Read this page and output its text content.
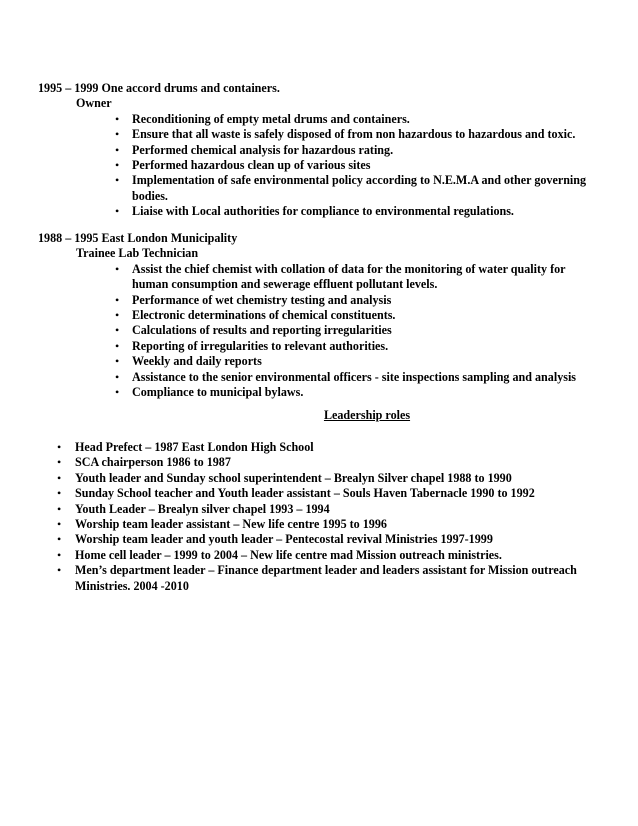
1995 – 1999 One accord drums and containers.
Owner
• Reconditioning of empty metal drums and containers.
• Ensure that all waste is safely disposed of from non hazardous to hazardous and toxic.
• Performed chemical analysis for hazardous rating.
• Performed hazardous clean up of various sites
• Implementation of safe environmental policy according to N.E.M.A and other governing bodies.
• Liaise with Local authorities for compliance to environmental regulations.
1988 – 1995 East London Municipality
Trainee Lab Technician
• Assist the chief chemist with collation of data for the monitoring of water quality for human consumption and sewerage effluent pollutant levels.
• Performance of wet chemistry testing and analysis
• Electronic determinations of chemical constituents.
• Calculations of results and reporting irregularities
• Reporting of irregularities to relevant authorities.
• Weekly and daily reports
• Assistance to the senior environmental officers - site inspections sampling and analysis
• Compliance to municipal bylaws.
Leadership roles
• Head Prefect – 1987 East London High School
• SCA chairperson 1986 to 1987
• Youth leader and Sunday school superintendent – Brealyn Silver chapel 1988 to 1990
• Sunday School teacher and Youth leader assistant – Souls Haven Tabernacle 1990 to 1992
• Youth Leader – Brealyn silver chapel 1993 – 1994
• Worship team leader assistant – New life centre 1995 to 1996
• Worship team leader and youth leader – Pentecostal revival Ministries 1997-1999
• Home cell leader – 1999 to 2004 – New life centre mad Mission outreach ministries.
• Men’s department leader – Finance department leader and leaders assistant for Mission outreach Ministries. 2004 -2010
